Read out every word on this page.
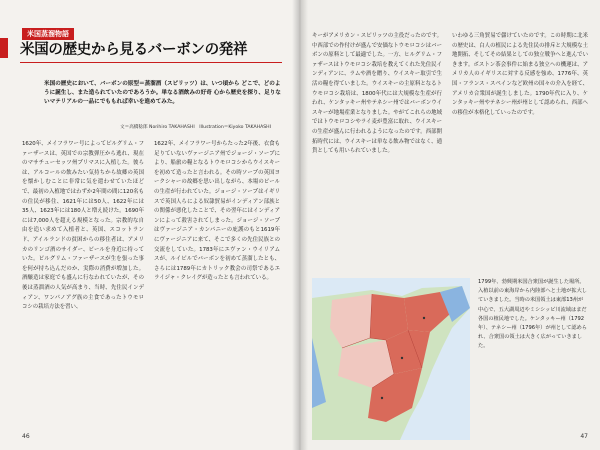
米国蒸溜物語
米国の歴史から見るバーボンの発祥
米国の歴史において、バーボンの原型＝蒸溜酒（スピリッツ）は、いつ頃から どこで、どのように誕生し、また造られていたのであろうか。単なる酒飲みの好奇 心から歴史を探り、足りないマテリアルの一品にでももれば幸いを進めてみた。
文＝高橋稔郎 Norihiro TAKAHASHI　Illustration＝Kiyoko TAKAHASHI
1620年、メイフラワー号によってピルグリム・ファーザースは、英国での宗教弾圧から逃れ、現在のマサチューセッツ州プリマスに入植した。彼らは、アルコールの飲みたい気持ちから故郷の英国を懐かしむことに非常に気を遣わせていたほどで、最初の入植地ではわずか2年間の間に120名もの住民が移住、1621年には50人、1622年には35人、1623年には180人と増え続けた。1690年には7,000人を超える規模となった。宗教的な自由を追い求めて入植者と、英国、スコットランド、アイルランドの貧困からの移住者は、アメリカのリンゴ酒のサイダー、ビールを身近に持っていた。ピルグリム・ファーザースが生を張った事を何が持ち込んだのか、実際の消費が増加した。酒醸造は家庭でも盛んに行なわれていたが、その後は蒸溜酒の人気が高まり、当時、先住民インディアン、ワンパノアグ族の主食であったトウモロコシの栽培方法を習い、
1622年、メイフラワー号からたった2年後、衣食も足りていないヴァージニア州でジョージ・ソープにより、船旅の糧となるトウモロコシからウイスキーを初めて造ったと言われる。その時ソープの英国ヨークシャーの故郷を思い出しながら、本場のビールの生産が行われていた。ジョージ・ソープはイギリスで英国人らによる奴隷貿易がインディアン部族との関係が悪化したことで、その翌年にはインディアンによって殺害されてしまった。ジョージ・ソープはヴァージニア・カンパニーの庇護のもと1619年にヴァージニアに来て、そこで多くの先住民族との交流をしていた。1783年にエヴァン・ウイリアムスが、ルイビルでバーボンを初めて蒸溜したとも、さらには1789年にカトリック教会の司祭であるエライジャ・クレイグが造ったとも言われている。
46
キーがアメリカン・スピリッツの主役だったのです。中西部での作付けが盛んで安価なトウモロコシはバーボンの原料として最適でした。一方、ヒルグリム・ファザースはトウモロコシ栽培を教えてくれた先住民インディアンに、ラムや酒を贈り、ウイスキー取引で生活の糧を得ていました。ウイスキーの主原料となるトウモロコシ栽培は、1800年代には大規模な生産が行われ、ケンタッキー州やテネシー州ではバーボンウイスキーが地場産業となりました。やがてこれらの地域ではトウモロコシやライ麦が豊富に取れ、ウイスキーの生産が盛んに行われるようになったのです。西部開拓時代には、ウイスキーは単なる飲み物ではなく、通貨としても用いられていました。
いわゆる三角貿易で儲けていたのです。この時期に北米の歴史は、白人の植民による先住民の排斥と大規模な土地開拓、そしてその結果としての独立戦争へと進んでいきます。ボストン茶会事件に始まる独立への機運は、アメリカ人のイギリスに対する反感を強め、1776年、英国・フランス・スペインなど欧州の国々の介入を経て、アメリカ合衆国が誕生しました。1790年代に入り、ケンタッキー州やテネシー州が州として認められ、西部への移住が本格化していったのです。
1799年、勃興期米国合衆国が誕生した場所。入植以前の東海岸から内陸部へと土地が拡大していきました。当時の米国領土は東部13州が中心で、五大湖周辺やミシシッピ川流域はまだ各国の植民地でした。ケンタッキー州（1792年）、テネシー州（1796年）が州として認められ、合衆国の領土は大きく広がっていきました。
47
